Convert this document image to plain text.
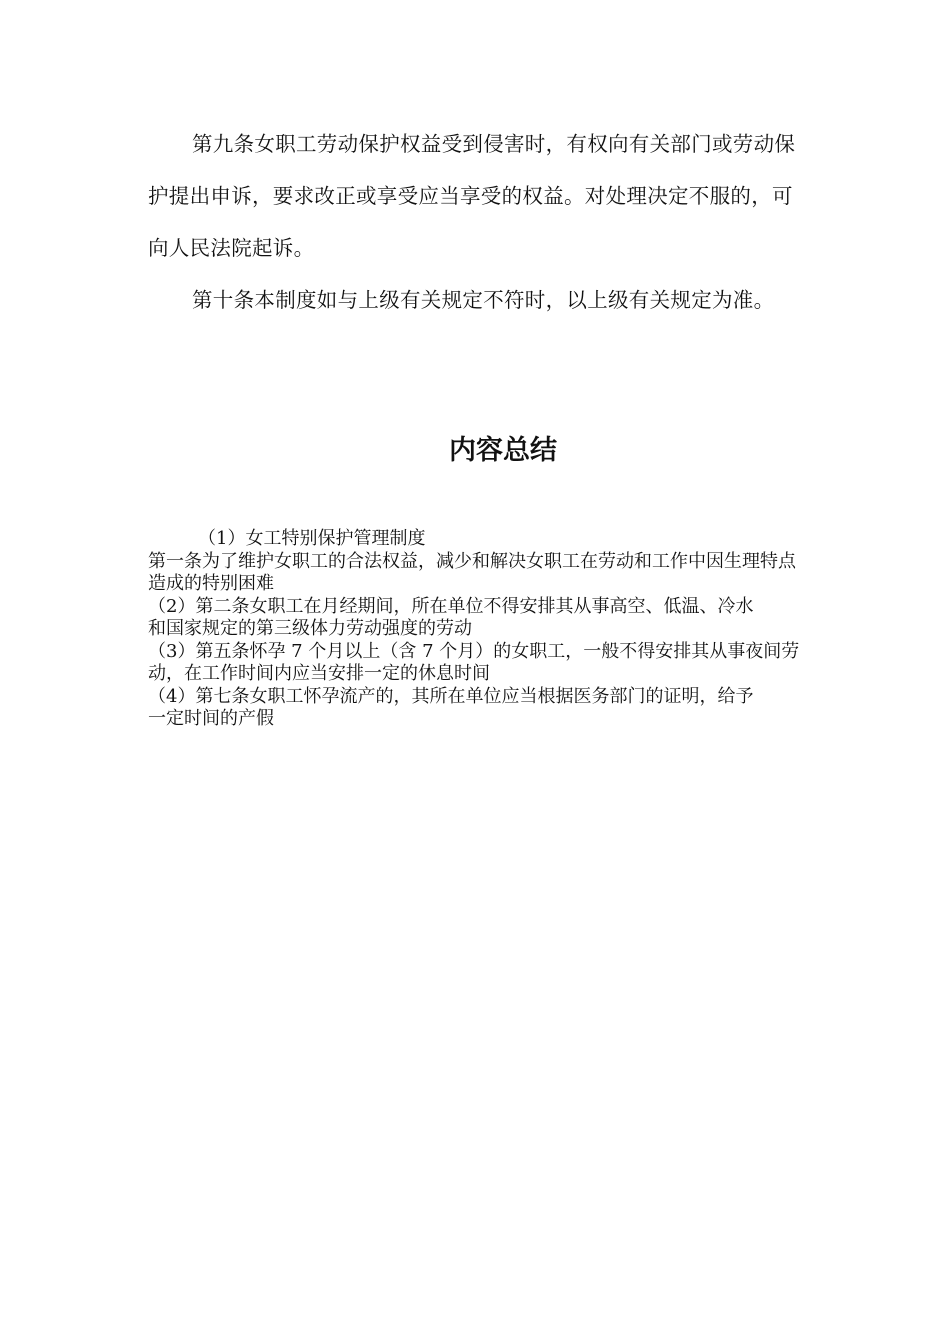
第九条女职工劳动保护权益受到侵害时，有权向有关部门或劳动保护提出申诉，要求改正或享受应当享受的权益。对处理决定不服的，可向人民法院起诉。

第十条本制度如与上级有关规定不符时，以上级有关规定为准。

内容总结

（1）女工特别保护管理制度

第一条为了维护女职工的合法权益，减少和解决女职工在劳动和工作中因生理特点造成的特别困难

（2）第二条女职工在月经期间，所在单位不得安排其从事高空、低温、冷水和国家规定的第三级体力劳动强度的劳动

（3）第五条怀孕 7 个月以上（含 7 个月）的女职工，一般不得安排其从事夜间劳动，在工作时间内应当安排一定的休息时间

（4）第七条女职工怀孕流产的，其所在单位应当根据医务部门的证明，给予一定时间的产假
